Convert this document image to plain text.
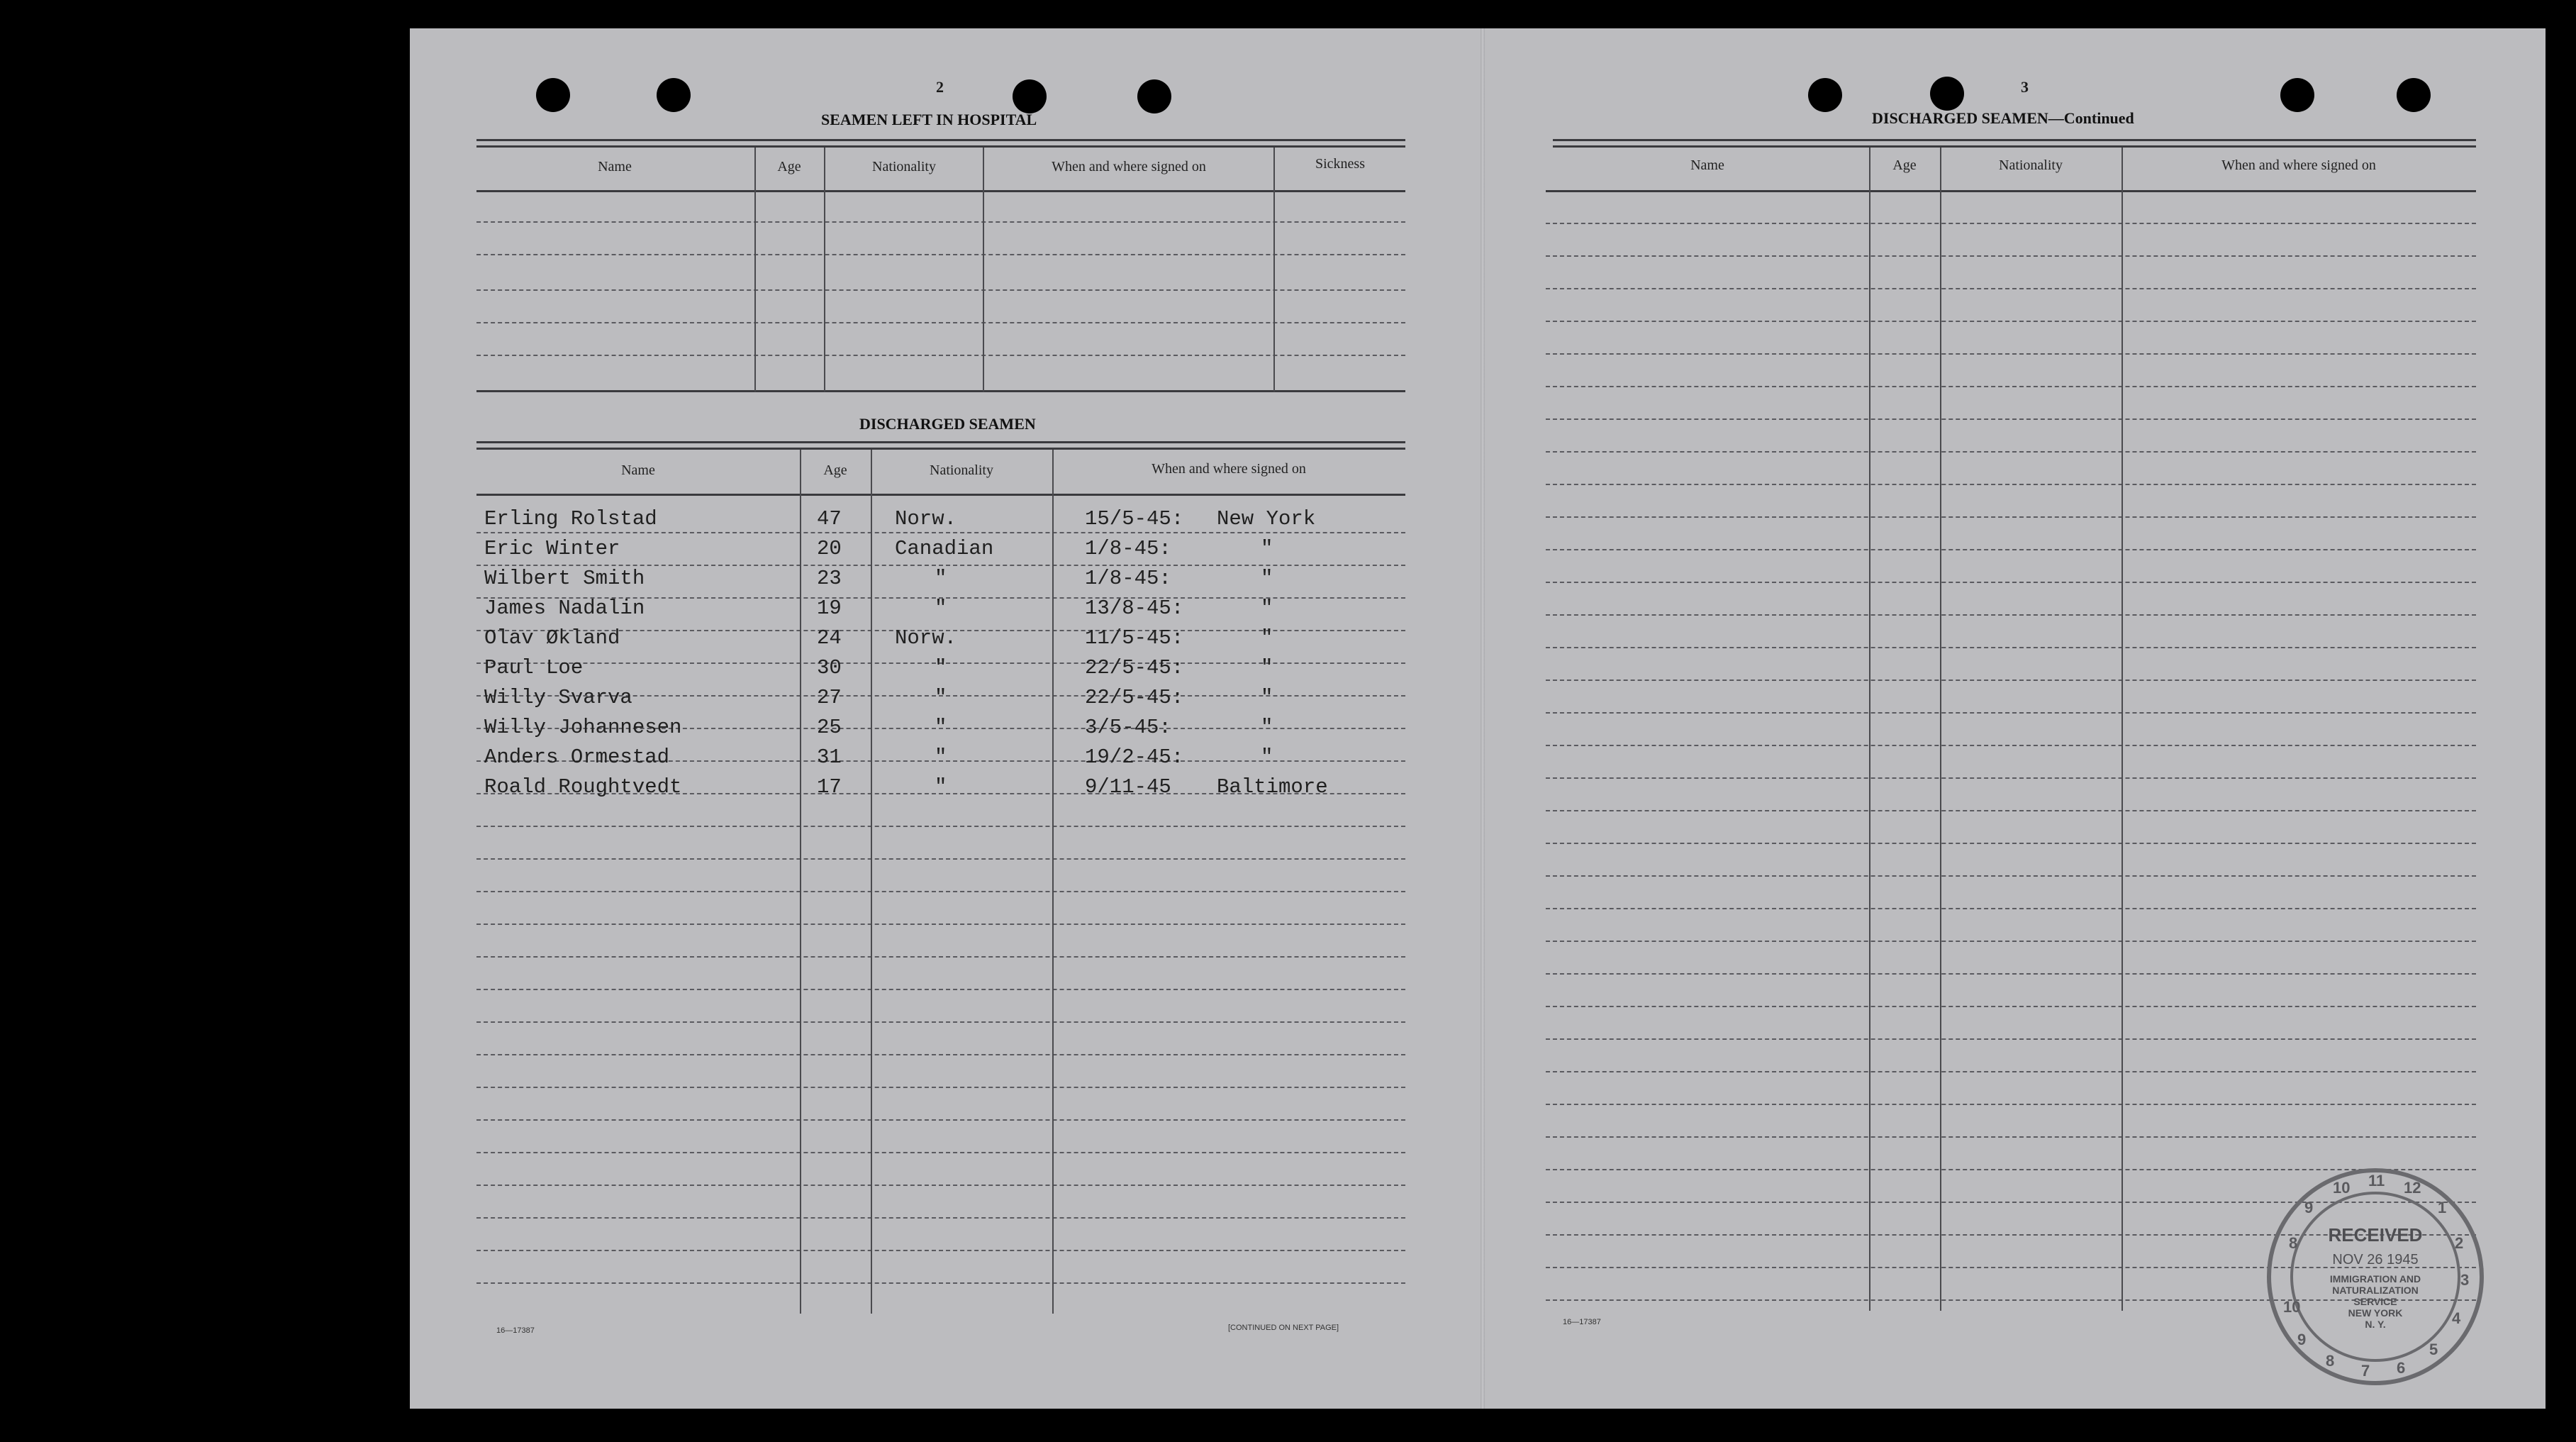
2
SEAMEN LEFT IN HOSPITAL
Name	Age	Nationality	When and where signed on	Sickness
DISCHARGED SEAMEN
Name	Age	Nationality	When and where signed on
Erling Rolstad	47	Norw.	15/5-45: New York
Eric Winter	20	Canadian	1/8-45:	"
Wilbert Smith	23	"	1/8-45:	"
James Nadalin	19	"	13/8-45:	"
Olav Økland	24	Norw.	11/5-45:	"
Paul Loe	30	"	22/5-45:	"
Willy Svarva	27	"	22/5-45:	"
Willy Johannesen	25	"	3/5-45:	"
Anders Ormestad	31	"	19/2-45:	"
Roald Roughtvedt	17	"	9/11-45 Baltimore
16—17387	[CONTINUED ON NEXT PAGE]
3
DISCHARGED SEAMEN—Continued
Name	Age	Nationality	When and where signed on
16—17387
8
9
10 11 12
1
2
3
4
5
6
7
8
9
10
RECEIVED
NOV 26 1945
IMMIGRATION AND
NATURALIZATION
SERVICE
NEW YORK
N. Y.
